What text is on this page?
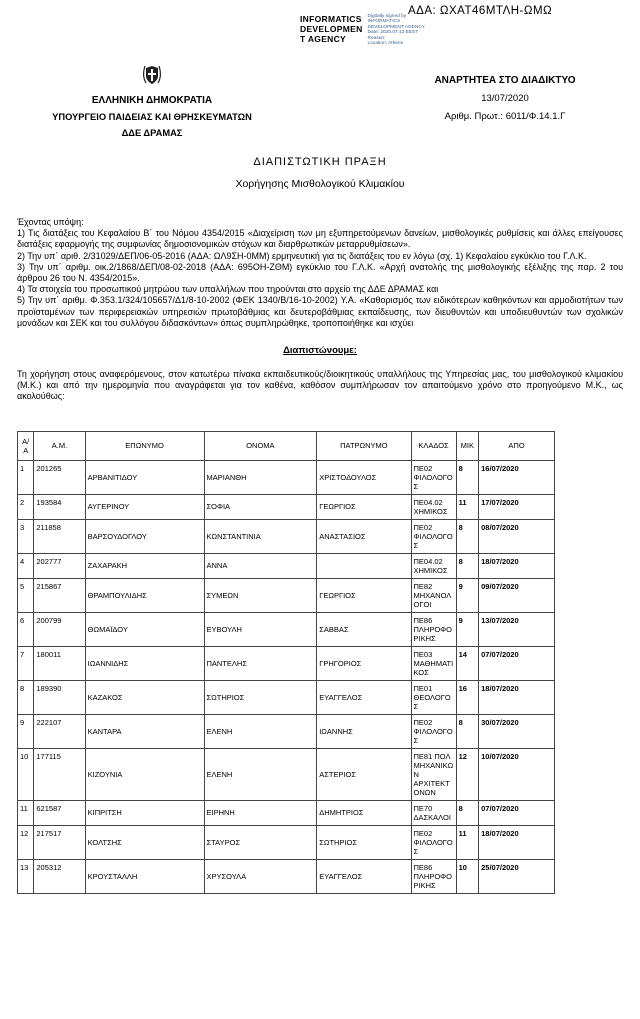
ΑΔΑ: ΩΧΑΤ46ΜΤΛΗ-ΩΜΩ
INFORMATICS
DEVELOPMEN
T AGENCY
Digitally signed by
INFORMATICS
DEVELOPMENT AGENCY
Date: 2020.07.13 EEST
Reason:
Location: Athens
ΕΛΛΗΝΙΚΗ ΔΗΜΟΚΡΑΤΙΑ
ΥΠΟΥΡΓΕΙΟ ΠΑΙΔΕΙΑΣ ΚΑΙ ΘΡΗΣΚΕΥΜΑΤΩΝ
ΔΔΕ ΔΡΑΜΑΣ
ΑΝΑΡΤΗΤΕΑ ΣΤΟ ΔΙΑΔΙΚΤΥΟ
13/07/2020
Αριθμ. Πρωτ.: 6011/Φ.14.1.Γ
ΔΙΑΠΙΣΤΩΤΙΚΗ ΠΡΑΞΗ
Χορήγησης Μισθολογικού Κλιμακίου
Έχοντας υπόψη:
1) Τις διατάξεις του Κεφαλαίου Β΄ του Νόμου 4354/2015 «Διαχείριση των μη εξυπηρετούμενων δανείων, μισθολογικές ρυθμίσεις και άλλες επείγουσες διατάξεις εφαρμογής της συμφωνίας δημοσιονομικών στόχων και διαρθρωτικών μεταρρυθμίσεων».
2) Την υπ΄ αριθ. 2/31029/ΔΕΠ/06-05-2016 (ΑΔΑ: ΩΛ9ΣΗ-0ΜΜ) ερμηνευτική για τις διατάξεις του εν λόγω (σχ. 1) Κεφαλαίου εγκύκλιο του Γ.Λ.Κ.
3) Την υπ΄ αριθμ. οικ.2/1868/ΔΕΠ/08-02-2018 (ΑΔΑ: 695ΟΗ-ΖΘΜ) εγκύκλιο του Γ.Λ.Κ. «Αρχή ανατολής της μισθολογικής εξέλιξης της παρ. 2 του άρθρου 26 του Ν. 4354/2015».
4) Τα στοιχεία του προσωπικού μητρώου των υπαλλήλων που τηρούνται στο αρχείο της ΔΔΕ ΔΡΑΜΑΣ και
5) Την υπ΄ αριθμ. Φ.353.1/324/105657/Δ1/8-10-2002 (ΦΕΚ 1340/Β/16-10-2002) Υ.Α. «Καθορισμός των ειδικότερων καθηκόντων και αρμοδιοτήτων των προϊσταμένων των περιφερειακών υπηρεσιών πρωτοβάθμιας και δευτεροβάθμιας εκπαίδευσης, των διευθυντών και υποδιευθυντών των σχολικών μονάδων και ΣΕΚ και του συλλόγου διδασκόντων» όπως συμπληρώθηκε, τροποποιήθηκε και ισχύει
Διαπιστώνουμε:
Τη χορήγηση στους αναφερόμενους, στον κατωτέρω πίνακα εκπαιδευτικούς/διοικητικούς υπαλλήλους της Υπηρεσίας μας, του μισθολογικού κλιμακίου (Μ.Κ.) και από την ημερομηνία που αναγράφεται για τον καθένα, καθόσον συμπλήρωσαν τον απαιτούμενο χρόνο στο προηγούμενο Μ.Κ., ως ακολούθως:
Α/Α	Α.Μ.	ΕΠΩΝΥΜΟ	ΟΝΟΜΑ	ΠΑΤΡΩΝΥΜΟ	ΚΛΑΔΟΣ	ΜΙΚ	ΑΠΟ
1	201265	ΑΡΒΑΝΙΤΙΔΟΥ	ΜΑΡΙΑΝΘΗ	ΧΡΙΣΤΟΔΟΥΛΟΣ	ΠΕ02 ΦΙΛΟΛΟΓΟΣ	8	16/07/2020
2	193584	ΑΥΓΕΡΙΝΟΥ	ΣΟΦΙΑ	ΓΕΩΡΓΙΟΣ	ΠΕ04.02 ΧΗΜΙΚΟΣ	11	17/07/2020
3	211858	ΒΑΡΣΟΥΔΟΓΛΟΥ	ΚΩΝΣΤΑΝΤΙΝΙΑ	ΑΝΑΣΤΑΣΙΟΣ	ΠΕ02 ΦΙΛΟΛΟΓΟΣ	8	08/07/2020
4	202777	ΖΑΧΑΡΑΚΗ	ΑΝΝΑ		ΠΕ04.02 ΧΗΜΙΚΟΣ	8	18/07/2020
5	215867	ΘΡΑΜΠΟΥΛΙΔΗΣ	ΣΥΜΕΩΝ	ΓΕΩΡΓΙΟΣ	ΠΕ82 ΜΗΧΑΝΟΛΟΓΟΙ	9	09/07/2020
6	200799	ΘΩΜΑΪΔΟΥ	ΕΥΒΟΥΛΗ	ΣΑΒΒΑΣ	ΠΕ86 ΠΛΗΡΟΦΟΡΙΚΗΣ	9	13/07/2020
7	180011	ΙΩΑΝΝΙΔΗΣ	ΠΑΝΤΕΛΗΣ	ΓΡΗΓΟΡΙΟΣ	ΠΕ03 ΜΑΘΗΜΑΤΙΚΟΣ	14	07/07/2020
8	189390	ΚΑΖΑΚΟΣ	ΣΩΤΗΡΙΟΣ	ΕΥΑΓΓΕΛΟΣ	ΠΕ01 ΘΕΟΛΟΓΟΣ	16	18/07/2020
9	222107	ΚΑΝΤΑΡΑ	ΕΛΕΝΗ	ΙΩΑΝΝΗΣ	ΠΕ02 ΦΙΛΟΛΟΓΟΣ	8	30/07/2020
10	177115	ΚΙΖΟΥΝΙΑ	ΕΛΕΝΗ	ΑΣΤΕΡΙΟΣ	ΠΕ81 ΠΟΛ ΜΗΧΑΝΙΚΩΝ ΑΡΧΙΤΕΚΤΟΝΩΝ	12	10/07/2020
11	621587	ΚΙΠΡΙΤΣΗ	ΕΙΡΗΝΗ	ΔΗΜΗΤΡΙΟΣ	ΠΕ70 ΔΑΣΚΑΛΟΙ	8	07/07/2020
12	217517	ΚΟΛΤΣΗΣ	ΣΤΑΥΡΟΣ	ΣΩΤΗΡΙΟΣ	ΠΕ02 ΦΙΛΟΛΟΓΟΣ	11	18/07/2020
13	205312	ΚΡΟΥΣΤΑΛΛΗ	ΧΡΥΣΟΥΛΑ	ΕΥΑΓΓΕΛΟΣ	ΠΕ86 ΠΛΗΡΟΦΟΡΙΚΗΣ	10	25/07/2020
